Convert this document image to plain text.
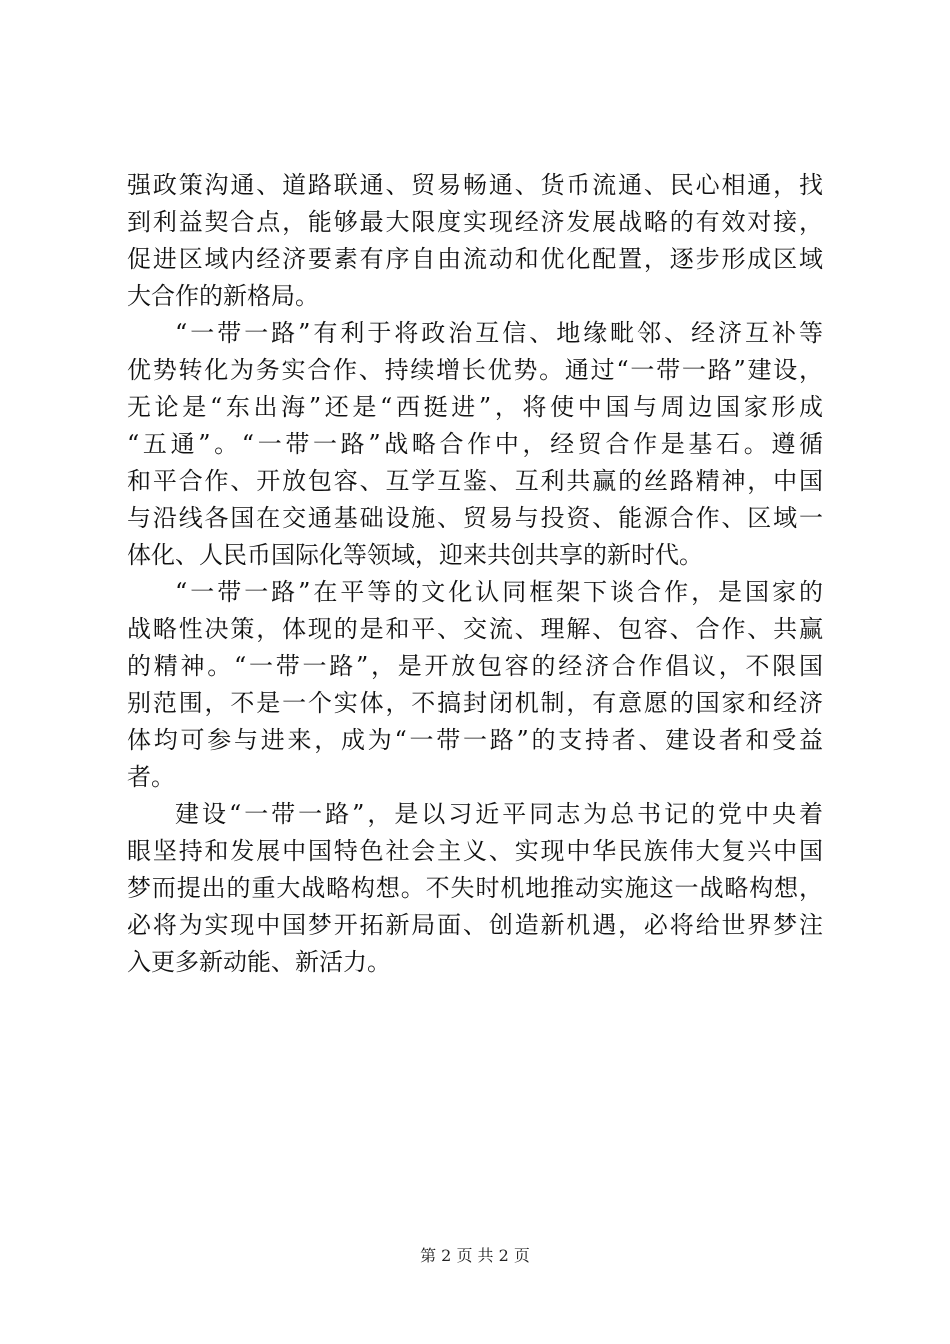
强政策沟通、道路联通、贸易畅通、货币流通、民心相通，找
到利益契合点，能够最大限度实现经济发展战略的有效对接，
促进区域内经济要素有序自由流动和优化配置，逐步形成区域
大合作的新格局。
“一带一路”有利于将政治互信、地缘毗邻、经济互补等
优势转化为务实合作、持续增长优势。通过“一带一路”建设，
无论是“东出海”还是“西挺进”，将使中国与周边国家形成
“五通”。“一带一路”战略合作中，经贸合作是基石。遵循
和平合作、开放包容、互学互鉴、互利共赢的丝路精神，中国
与沿线各国在交通基础设施、贸易与投资、能源合作、区域一
体化、人民币国际化等领域，迎来共创共享的新时代。
“一带一路”在平等的文化认同框架下谈合作，是国家的
战略性决策，体现的是和平、交流、理解、包容、合作、共赢
的精神。“一带一路”，是开放包容的经济合作倡议，不限国
别范围，不是一个实体，不搞封闭机制，有意愿的国家和经济
体均可参与进来，成为“一带一路”的支持者、建设者和受益
者。
建设“一带一路”，是以习近平同志为总书记的党中央着
眼坚持和发展中国特色社会主义、实现中华民族伟大复兴中国
梦而提出的重大战略构想。不失时机地推动实施这一战略构想，
必将为实现中国梦开拓新局面、创造新机遇，必将给世界梦注
入更多新动能、新活力。
第 2 页 共 2 页
